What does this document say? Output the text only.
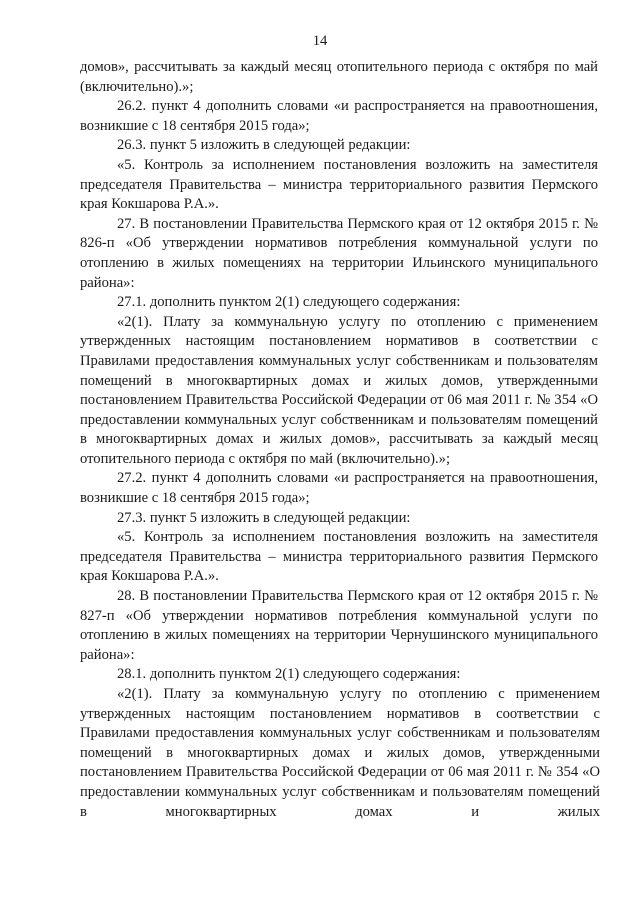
14

домов», рассчитывать за каждый месяц отопительного периода с октября по май (включительно).»;

26.2. пункт 4 дополнить словами «и распространяется на правоотношения, возникшие с 18 сентября 2015 года»;

26.3. пункт 5 изложить в следующей редакции:

«5. Контроль за исполнением постановления возложить на заместителя председателя Правительства – министра территориального развития Пермского края Кокшарова Р.А.».

27. В постановлении Правительства Пермского края от 12 октября 2015 г. № 826-п «Об утверждении нормативов потребления коммунальной услуги по отоплению в жилых помещениях на территории Ильинского муниципального района»:

27.1. дополнить пунктом 2(1) следующего содержания:

«2(1). Плату за коммунальную услугу по отоплению с применением утвержденных настоящим постановлением нормативов в соответствии с Правилами предоставления коммунальных услуг собственникам и пользователям помещений в многоквартирных домах и жилых домов, утвержденными постановлением Правительства Российской Федерации от 06 мая 2011 г. № 354 «О предоставлении коммунальных услуг собственникам и пользователям помещений в многоквартирных домах и жилых домов», рассчитывать за каждый месяц отопительного периода с октября по май (включительно).»;

27.2. пункт 4 дополнить словами «и распространяется на правоотношения, возникшие с 18 сентября 2015 года»;

27.3. пункт 5 изложить в следующей редакции:

«5. Контроль за исполнением постановления возложить на заместителя председателя Правительства – министра территориального развития Пермского края Кокшарова Р.А.».

28. В постановлении Правительства Пермского края от 12 октября 2015 г. № 827-п «Об утверждении нормативов потребления коммунальной услуги по отоплению в жилых помещениях на территории Чернушинского муниципального района»:

28.1. дополнить пунктом 2(1) следующего содержания:

«2(1). Плату за коммунальную услугу по отоплению с применением утвержденных настоящим постановлением нормативов в соответствии с Правилами предоставления коммунальных услуг собственникам и пользователям помещений в многоквартирных домах и жилых домов, утвержденными постановлением Правительства Российской Федерации от 06 мая 2011 г. № 354 «О предоставлении коммунальных услуг собственникам и пользователям помещений в многоквартирных домах и жилых
